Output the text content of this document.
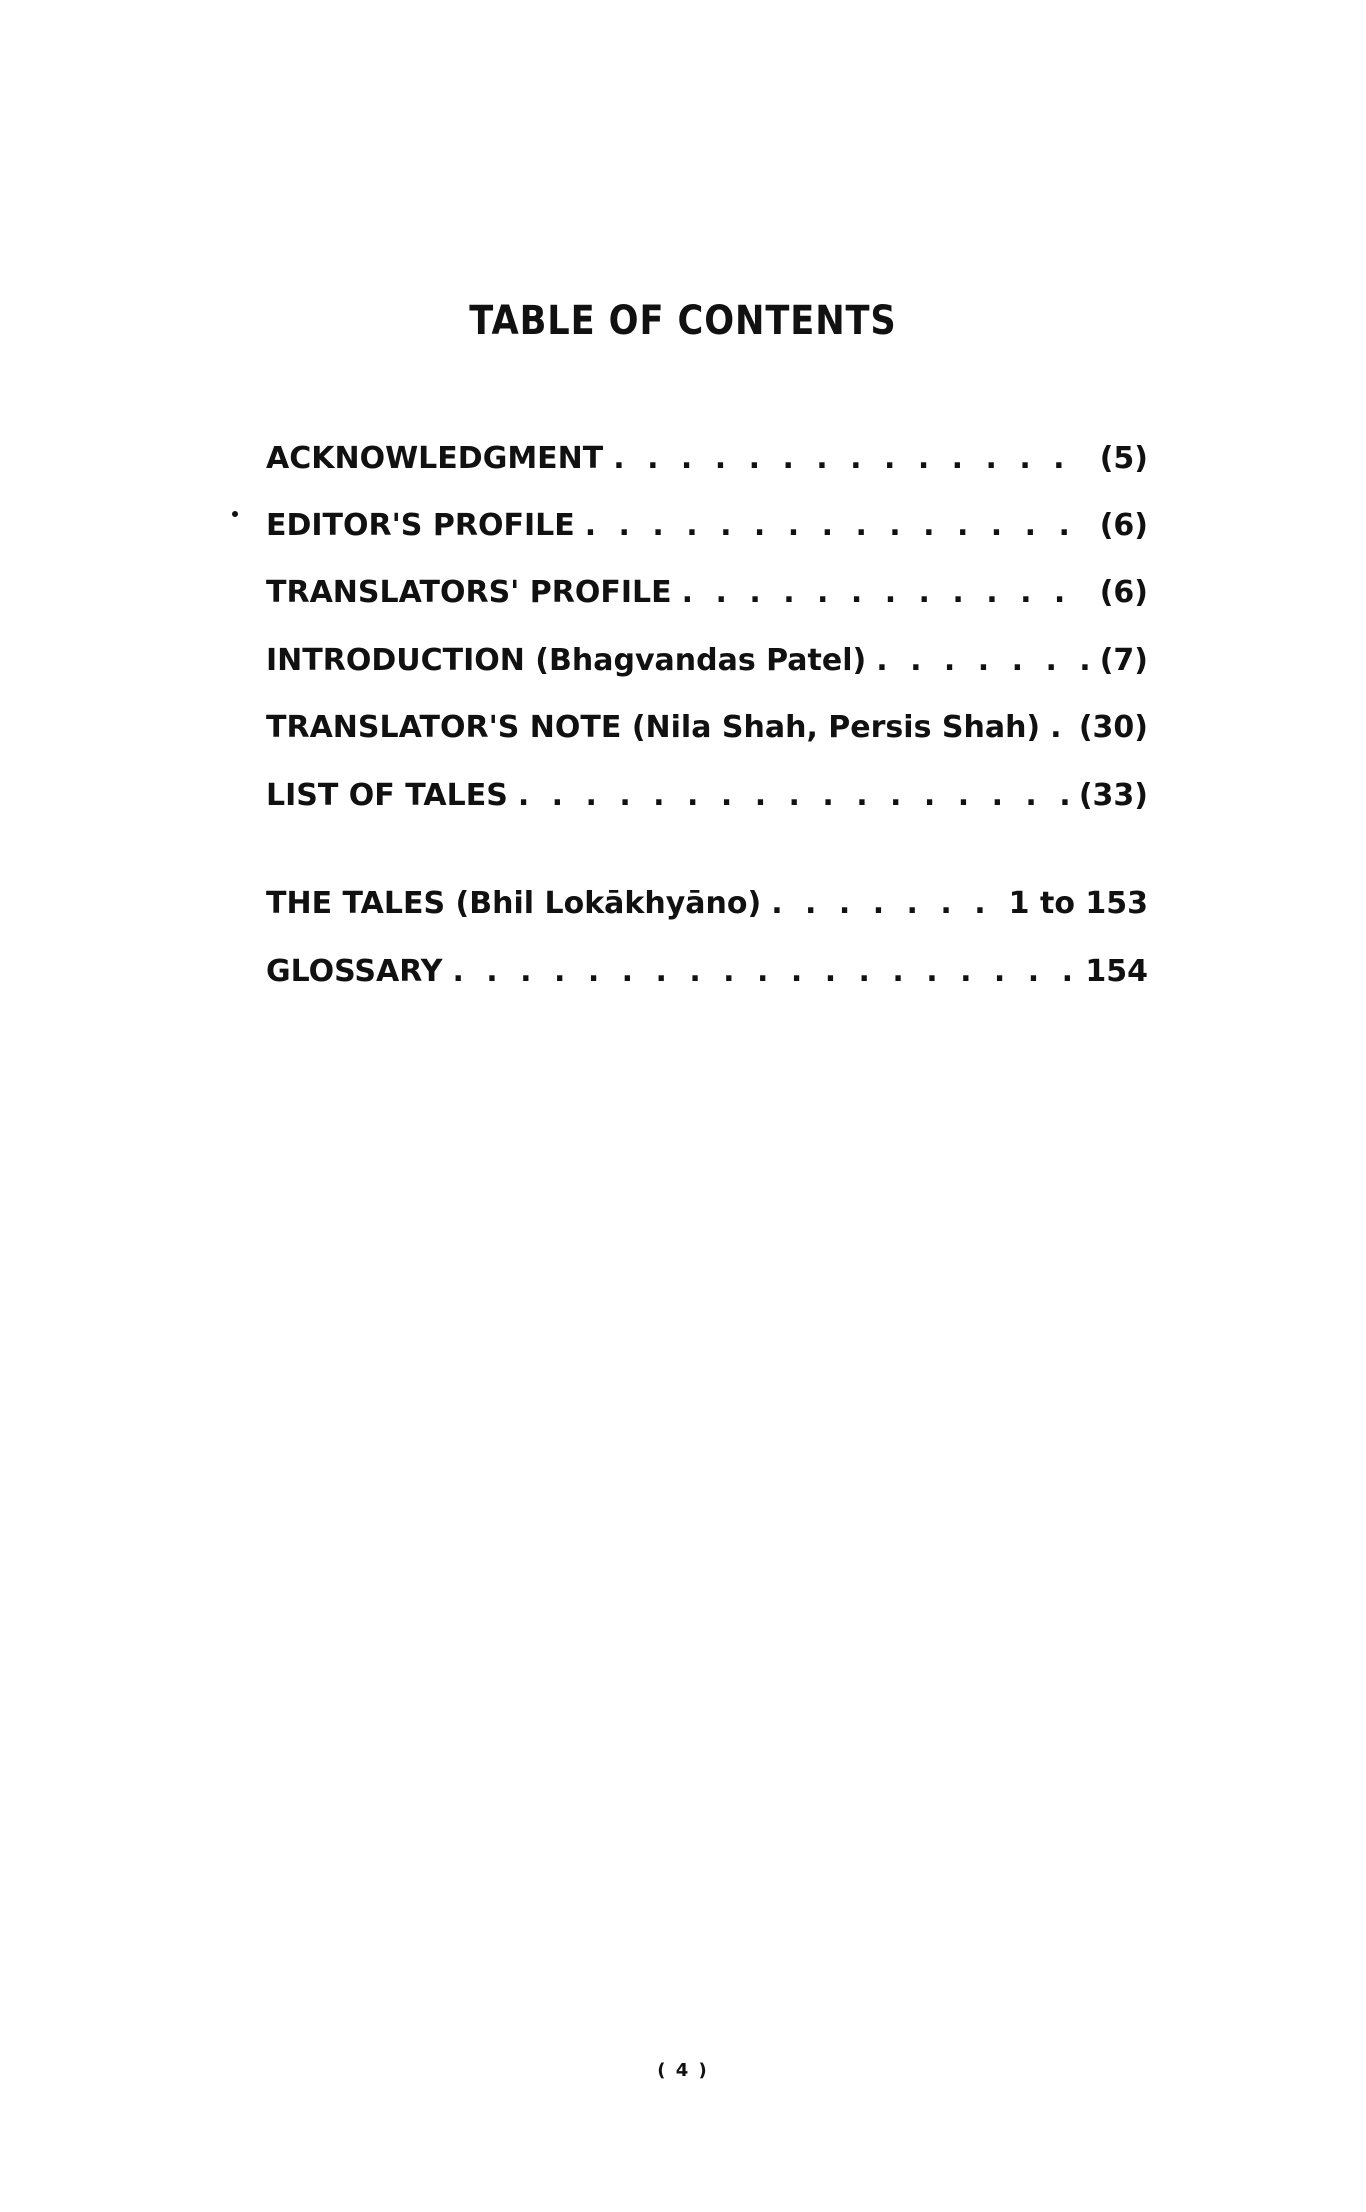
TABLE OF CONTENTS
ACKNOWLEDGMENT . . .	(5)
EDITOR'S PROFILE . . .	(6)
TRANSLATORS' PROFILE . . .	(6)
INTRODUCTION (Bhagvandas Patel) . . .	(7)
TRANSLATOR'S NOTE (Nila Shah, Persis Shah) . . . (30)
LIST OF TALES . . .	(33)
THE TALES (Bhil Lokākhyāno) . . .	1 to 153
GLOSSARY . . .	154
( 4 )
